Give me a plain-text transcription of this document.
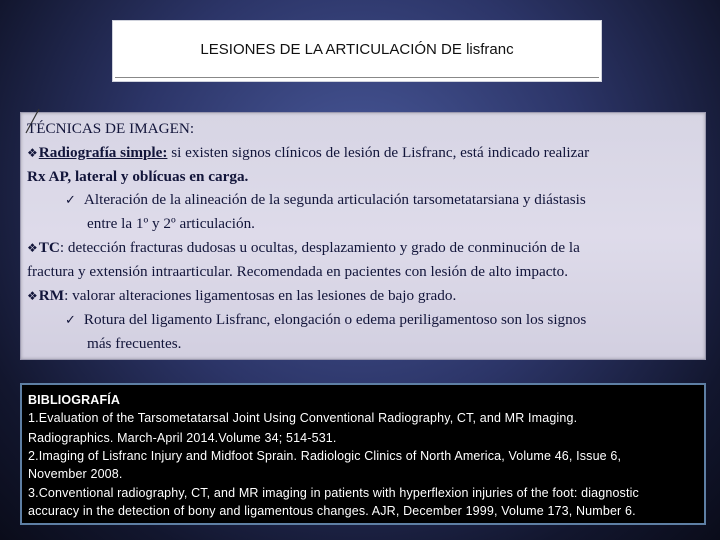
LESIONES DE LA ARTICULACIÓN DE lisfranc
TÉCNICAS DE IMAGEN:
❖Radiografía simple: si existen signos clínicos de lesión de Lisfranc, está indicado realizar
Rx AP, lateral y oblícuas en carga.
✓ Alteración de la alineación de la segunda articulación tarsometatarsiana y diástasis
entre la 1º y 2º articulación.
❖TC: detección fracturas dudosas u ocultas, desplazamiento y grado de conminución de la
fractura y extensión intraarticular. Recomendada en pacientes con lesión de alto impacto.
❖RM: valorar alteraciones ligamentosas en las lesiones de bajo grado.
✓ Rotura del ligamento Lisfranc, elongación o edema periligamentoso son los signos
más frecuentes.
BIBLIOGRAFÍA
1.Evaluation of the Tarsometatarsal Joint Using Conventional Radiography, CT, and MR Imaging.
Radiographics. March-April 2014.Volume 34; 514-531.
2.Imaging of Lisfranc Injury and Midfoot Sprain. Radiologic Clinics of North America, Volume 46, Issue 6,
November 2008.
3.Conventional radiography, CT, and MR imaging in patients with hyperflexion injuries of the foot: diagnostic
accuracy in the detection of bony and ligamentous changes. AJR, December 1999, Volume 173, Number 6.
